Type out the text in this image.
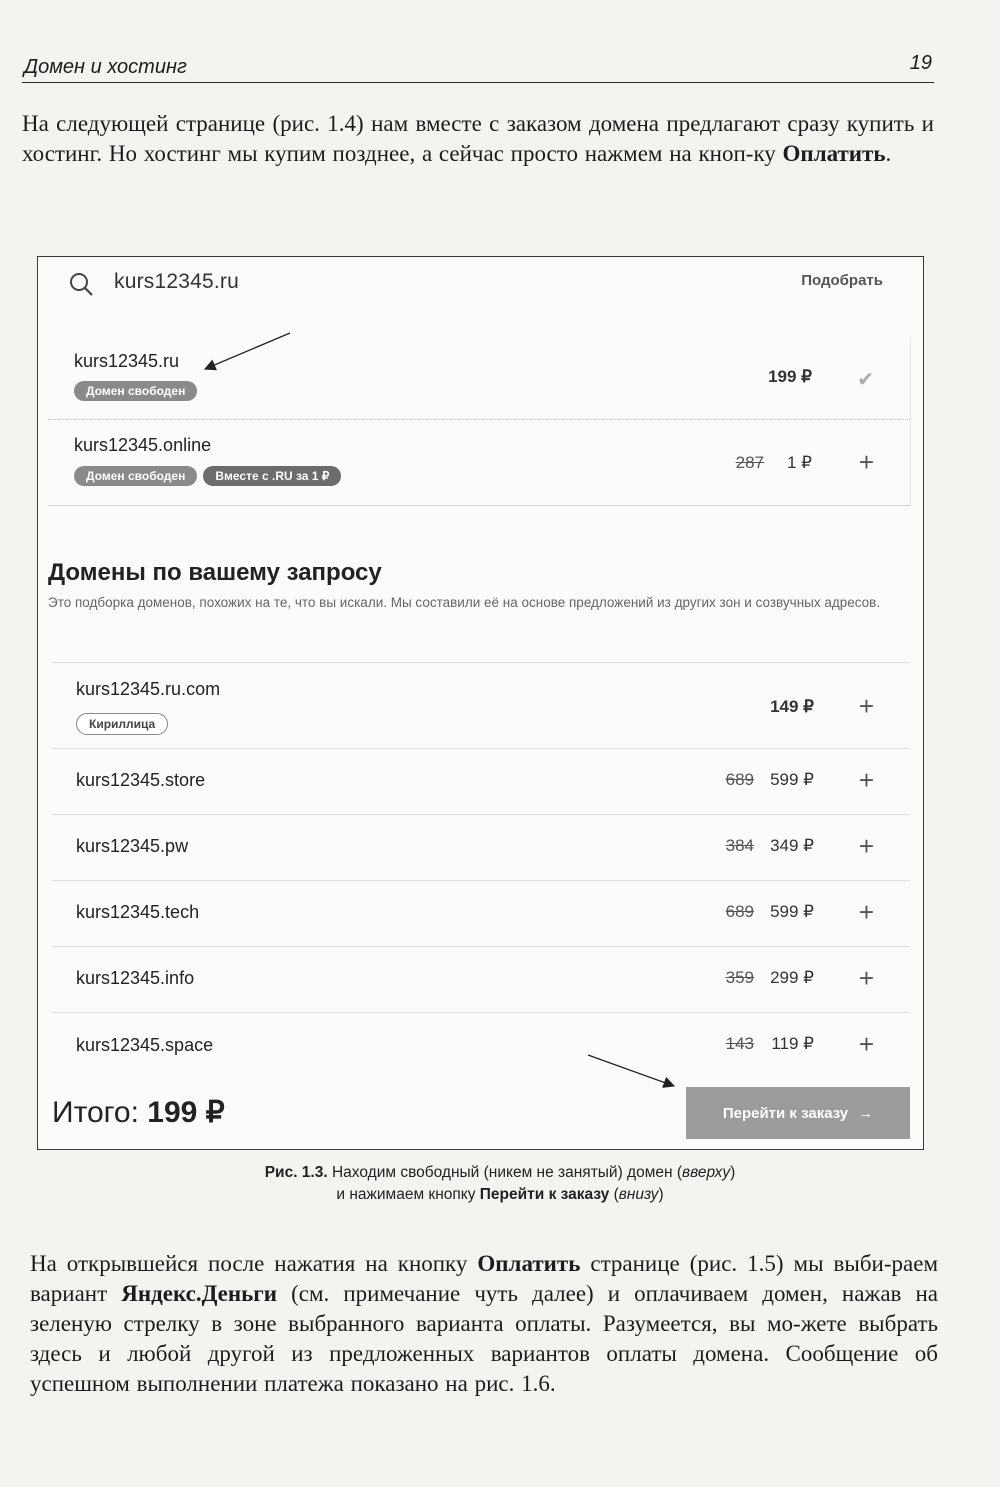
Домен и хостинг	19

На следующей странице (рис. 1.4) нам вместе с заказом домена предлагают сразу купить и хостинг. Но хостинг мы купим позднее, а сейчас просто нажмем на кноп-ку Оплатить.

kurs12345.ru	Подобрать
kurs12345.ru
Домен свободен
199 ₽ ✔
kurs12345.online
Домен свободен	Вместе с .RU за 1 ₽
287 1 ₽ +
Домены по вашему запросу
Это подборка доменов, похожих на те, что вы искали. Мы составили её на основе предложений из других зон и созвучных адресов.
kurs12345.ru.com
Кириллица
149 ₽ +
kurs12345.store	689 599 ₽ +
kurs12345.pw	384 349 ₽ +
kurs12345.tech	689 599 ₽ +
kurs12345.info	359 299 ₽ +
kurs12345.space	143 119 ₽ +
Итого: 199 ₽	Перейти к заказу →
Рис. 1.3. Находим свободный (никем не занятый) домен (вверху)
и нажимаем кнопку Перейти к заказу (внизу)

На открывшейся после нажатия на кнопку Оплатить странице (рис. 1.5) мы выби-раем вариант Яндекс.Деньги (см. примечание чуть далее) и оплачиваем домен, нажав на зеленую стрелку в зоне выбранного варианта оплаты. Разумеется, вы мо-жете выбрать здесь и любой другой из предложенных вариантов оплаты домена. Сообщение об успешном выполнении платежа показано на рис. 1.6.
